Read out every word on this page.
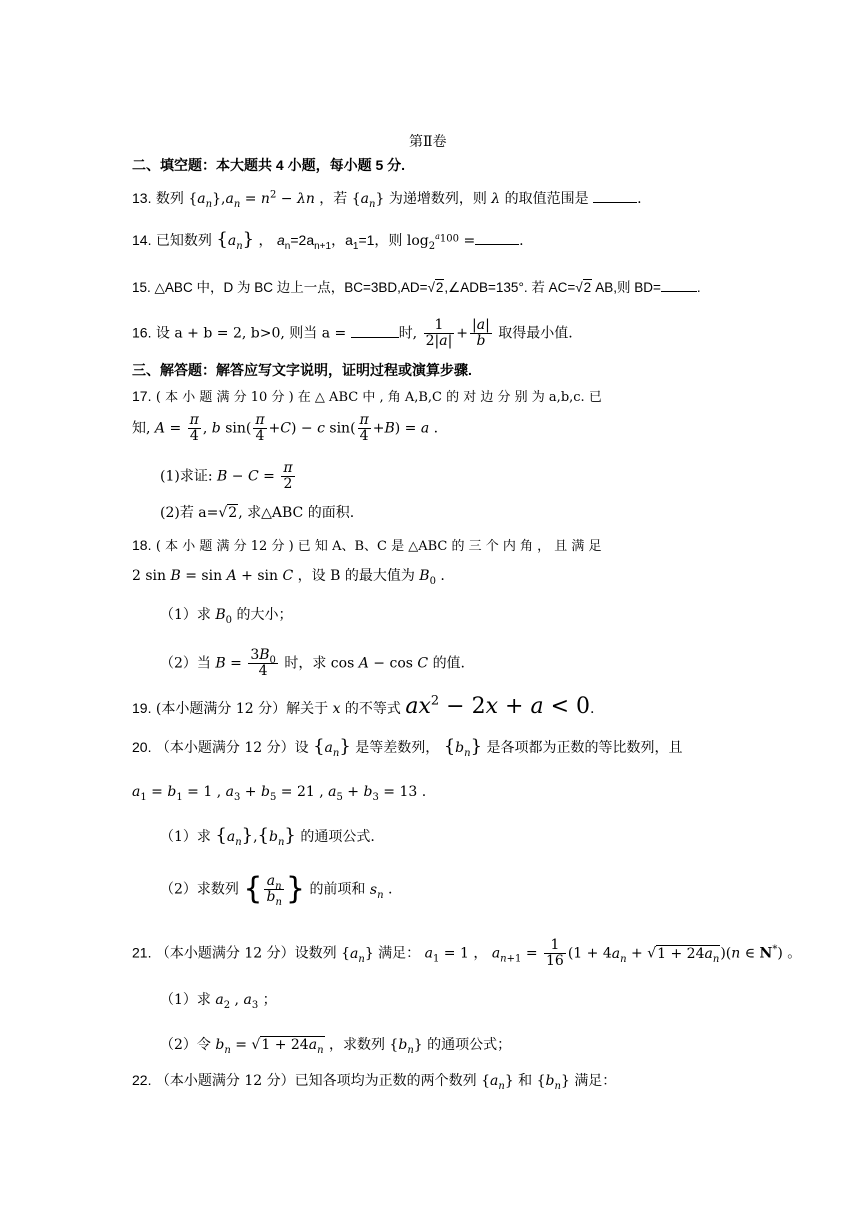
第Ⅱ卷
二、填空题：本大题共 4 小题，每小题 5 分.
13. 数列 $\{a_n\},a_n = n^2 - \lambda n$ ，若 $\{a_n\}$ 为递增数列，则 λ 的取值范围是	.
14. 已知数列 $\{a_n\}$ ， $a_n=2a_{n+1}$，$a_1=1$，则 $\log_2^{a_{100}}$ =	.
15. △ABC 中，D 为 BC 边上一点，BC=3BD,AD=√2,∠ADB=135°. 若 AC=√2 AB,则 BD=	.
16. 设 a + b = 2, b>0, 则当 a =	时, $\frac{1}{2|a|} + \frac{|a|}{b}$ 取得最小值.
三、解答题：解答应写文字说明，证明过程或演算步骤.
17. ( 本 小 题 满 分 10 分 ) 在 △ ABC 中 , 角 A,B,C 的 对 边 分 别 为 a,b,c. 已
知, $A = \frac{\pi}{4}$ , b $\sin( \frac{\pi}{4} +C) - c$ $\sin( \frac{\pi}{4} +B) = a$ .
(1)求证: $B - C = \frac{\pi}{2}$
(2)若 a=√2, 求△ABC 的面积.
18. ( 本 小 题 满 分 12 分 ) 已 知 A、B、C 是 △ABC 的 三 个 内 角 ， 且 满 足
2 sin B = sin A + sin C ，设 B 的最大值为 $B_0$ .
（1）求 $B_0$ 的大小；
（2）当 $B = \frac{3B_0}{4}$ 时，求 cos A − cos C 的值.
19. (本小题满分 12 分）解关于 x 的不等式 $ax^2 - 2x + a < 0$.
20. （本小题满分 12 分）设 $\{a_n\}$ 是等差数列， $\{b_n\}$ 是各项都为正数的等比数列，且
$a_1 = b_1 = 1$ , $a_3 + b_5 = 21$ , $a_5 + b_3 = 13$ .
（1）求 $\{a_n\},\{b_n\}$ 的通项公式.
（2）求数列 { $\frac{a_n}{b_n}$ } 的前项和 $s_n$ .
21. （本小题满分 12 分）设数列 $\{a_n\}$ 满足： $a_1 = 1$ ， $a_{n+1} = \frac{1}{16} (1 + 4a_n + √1 + 24a_n)(n$ ∈ N*) 。
（1）求 $a_2$ , $a_3$ ；
（2）令 $b_n = √1 + 24a_n$ ，求数列 $\{b_n\}$ 的通项公式；
22. （本小题满分 12 分）已知各项均为正数的两个数列 $\{a_n\}$ 和 $\{b_n\}$ 满足：
